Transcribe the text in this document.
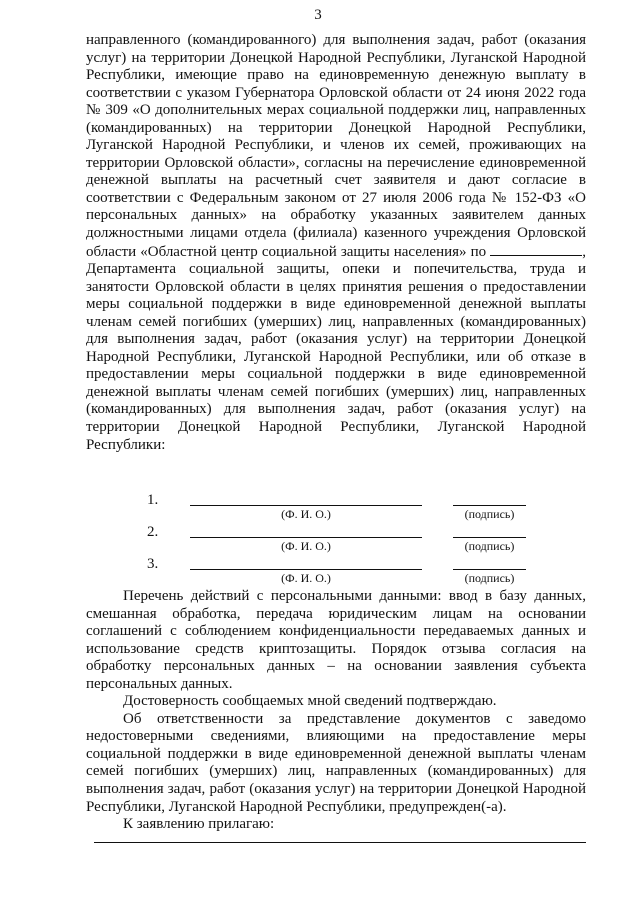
3

направленного (командированного) для выполнения задач, работ (оказания услуг) на территории Донецкой Народной Республики, Луганской Народной Республики, имеющие право на единовременную денежную выплату в соответствии с указом Губернатора Орловской области от 24 июня 2022 года № 309 «О дополнительных мерах социальной поддержки лиц, направленных (командированных) на территории Донецкой Народной Республики, Луганской Народной Республики, и членов их семей, проживающих на территории Орловской области», согласны на перечисление единовременной денежной выплаты на расчетный счет заявителя и дают согласие в соответствии с Федеральным законом от 27 июля 2006 года № 152-ФЗ «О персональных данных» на обработку указанных заявителем данных должностными лицами отдела (филиала) казенного учреждения Орловской области «Областной центр социальной защиты населения» по	, Департамента социальной защиты, опеки и попечительства, труда и занятости Орловской области в целях принятия решения о предоставлении меры социальной поддержки в виде единовременной денежной выплаты членам семей погибших (умерших) лиц, направленных (командированных) для выполнения задач, работ (оказания услуг) на территории Донецкой Народной Республики, Луганской Народной Республики, или об отказе в предоставлении меры социальной поддержки в виде единовременной денежной выплаты членам семей погибших (умерших) лиц, направленных (командированных) для выполнения задач, работ (оказания услуг) на территории Донецкой Народной Республики, Луганской Народной Республики:

1.
(Ф. И. О.)	(подпись)
2.
(Ф. И. О.)	(подпись)
3.
(Ф. И. О.)	(подпись)

Перечень действий с персональными данными: ввод в базу данных, смешанная обработка, передача юридическим лицам на основании соглашений с соблюдением конфиденциальности передаваемых данных и использование средств криптозащиты. Порядок отзыва согласия на обработку персональных данных – на основании заявления субъекта персональных данных.

Достоверность сообщаемых мной сведений подтверждаю.

Об ответственности за представление документов с заведомо недостоверными сведениями, влияющими на предоставление меры социальной поддержки в виде единовременной денежной выплаты членам семей погибших (умерших) лиц, направленных (командированных) для выполнения задач, работ (оказания услуг) на территории Донецкой Народной Республики, Луганской Народной Республики, предупрежден(-а).

К заявлению прилагаю:
